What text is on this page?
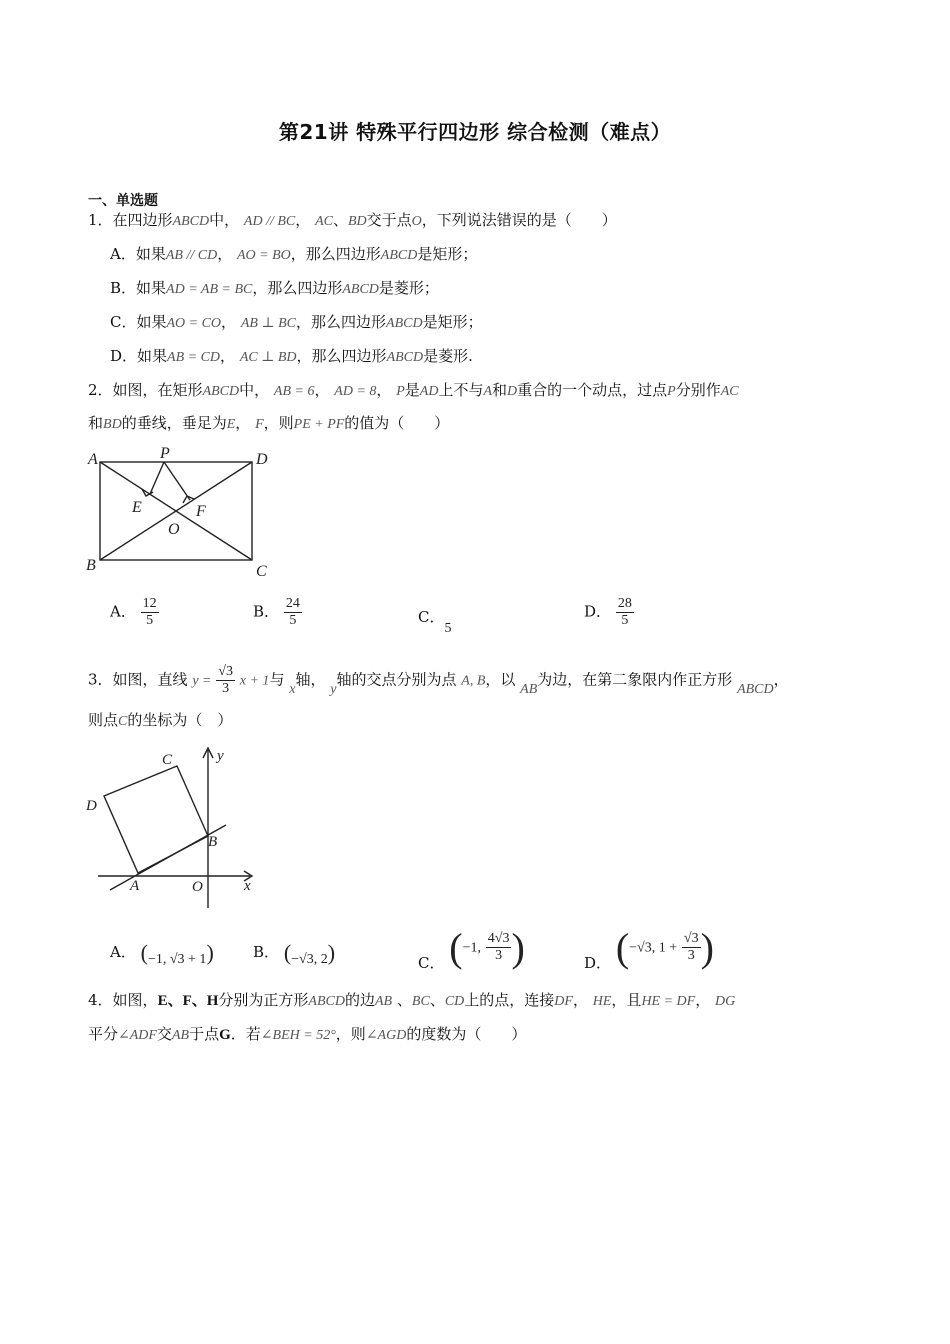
第21讲 特殊平行四边形 综合检测（难点）
一、单选题
1．在四边形ABCD中， AD // BC， AC、BD交于点O，下列说法错误的是（　　）
A．如果AB // CD， AO = BO，那么四边形ABCD是矩形；
B．如果AD = AB = BC，那么四边形ABCD是菱形；
C．如果AO = CO， AB ⊥ BC，那么四边形ABCD是矩形；
D．如果AB = CD， AC ⊥ BD，那么四边形ABCD是菱形.
2．如图，在矩形ABCD中， AB = 6， AD = 8， P是AD上不与A和D重合的一个动点，过点P分别作AC
和BD的垂线，垂足为E， F，则PE + PF的值为（　　）
A	P	D
E	F
O
B	C
A． $\frac{12}{5}$	B． $\frac{24}{5}$	C．5
D． $\frac{28}{5}$
3．如图，直线 $y = \frac{√3}{3}$ x + 1与 x轴， y轴的交点分别为点 A, B，以 AB为边，在第二象限内作正方形 ABCD，
则点C的坐标为（　）
C	y
D
B
A	O	x
A． (−1, √3 + 1)	B． (−√3, 2)	C． (−1, $\frac{4√3}{3}$ )	D． (−√3, $1 + \frac{√3}{3}$ )
4．如图，E、F、H分别为正方形ABCD的边AB 、BC、CD上的点，连接DF， HE，且HE = DF， DG
平分∠ADF交AB于点G．若∠BEH = 52°，则∠AGD的度数为（　　）
